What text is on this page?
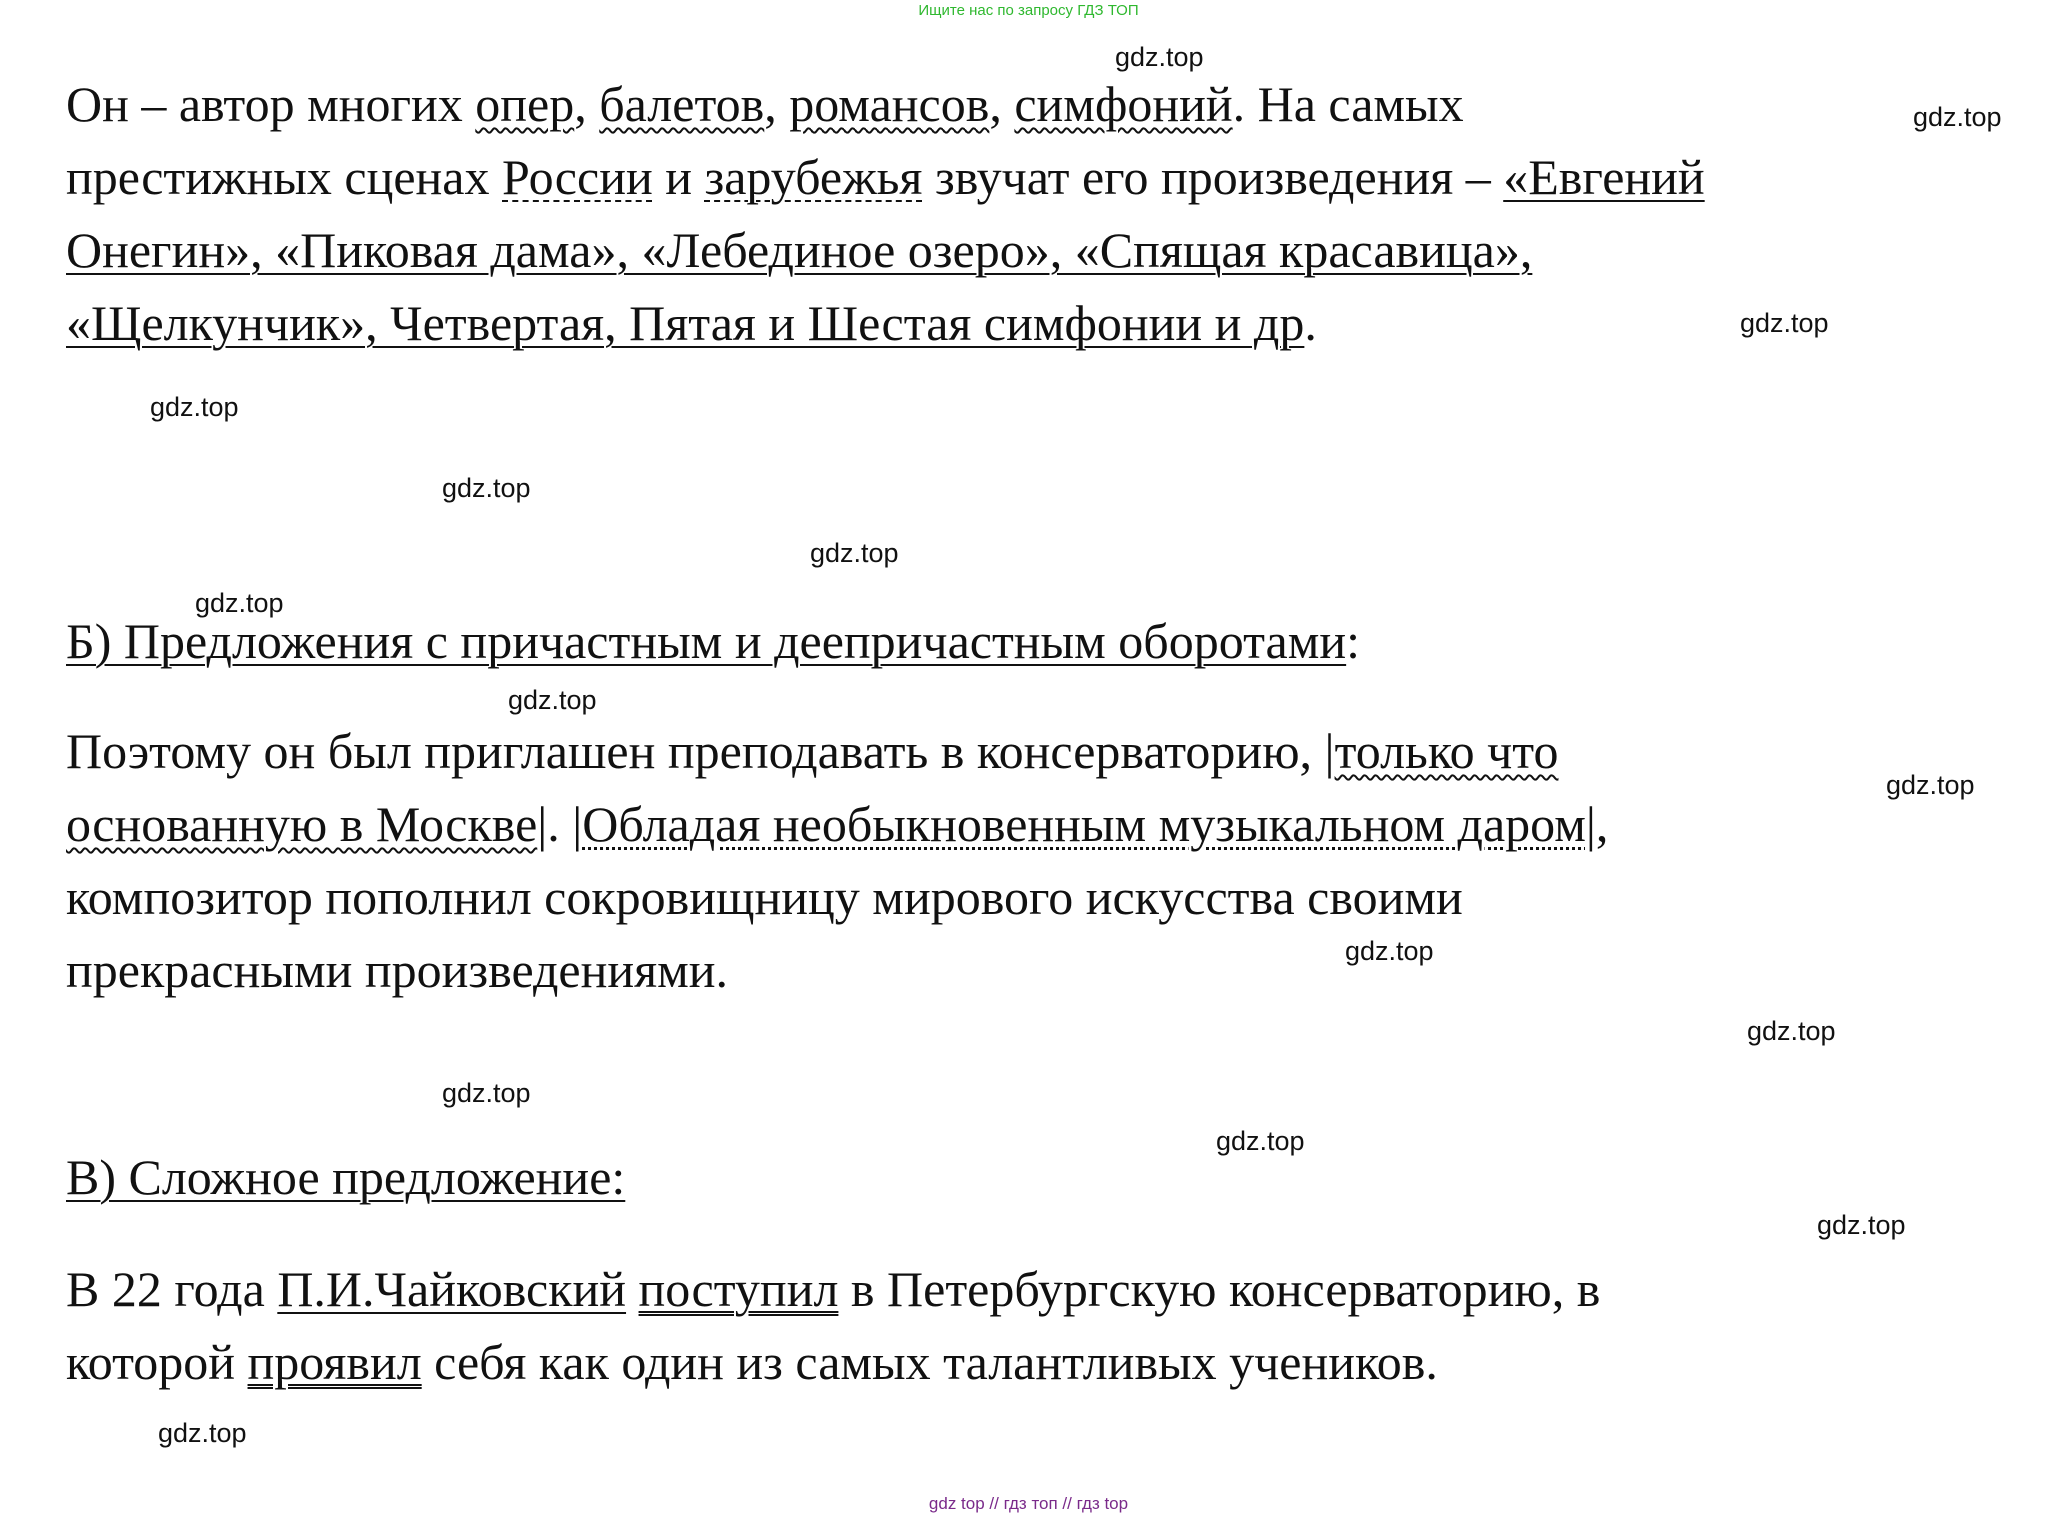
Ищите нас по запросу ГДЗ ТОП
gdz.top
gdz.top
gdz.top
gdz.top
gdz.top
gdz.top
gdz.top
gdz.top
gdz.top
gdz.top
gdz.top
gdz.top
gdz.top
gdz.top
gdz.top
Он – автор многих опер, балетов, романсов, симфоний. На самых
престижных сценах России и зарубежья звучат его произведения – «Евгений
Онегин», «Пиковая дама», «Лебединое озеро», «Спящая красавица»,
«Щелкунчик», Четвертая, Пятая и Шестая симфонии и др.
Б) Предложения с причастным и деепричастным оборотами:
Поэтому он был приглашен преподавать в консерваторию, |только что
основанную в Москве|. |Обладая необыкновенным музыкальном даром|,
композитор пополнил сокровищницу мирового искусства своими
прекрасными произведениями.
В) Сложное предложение:
В 22 года П.И.Чайковский поступил в Петербургскую консерваторию, в
которой проявил себя как один из самых талантливых учеников.
gdz top // гдз топ // гдз top
